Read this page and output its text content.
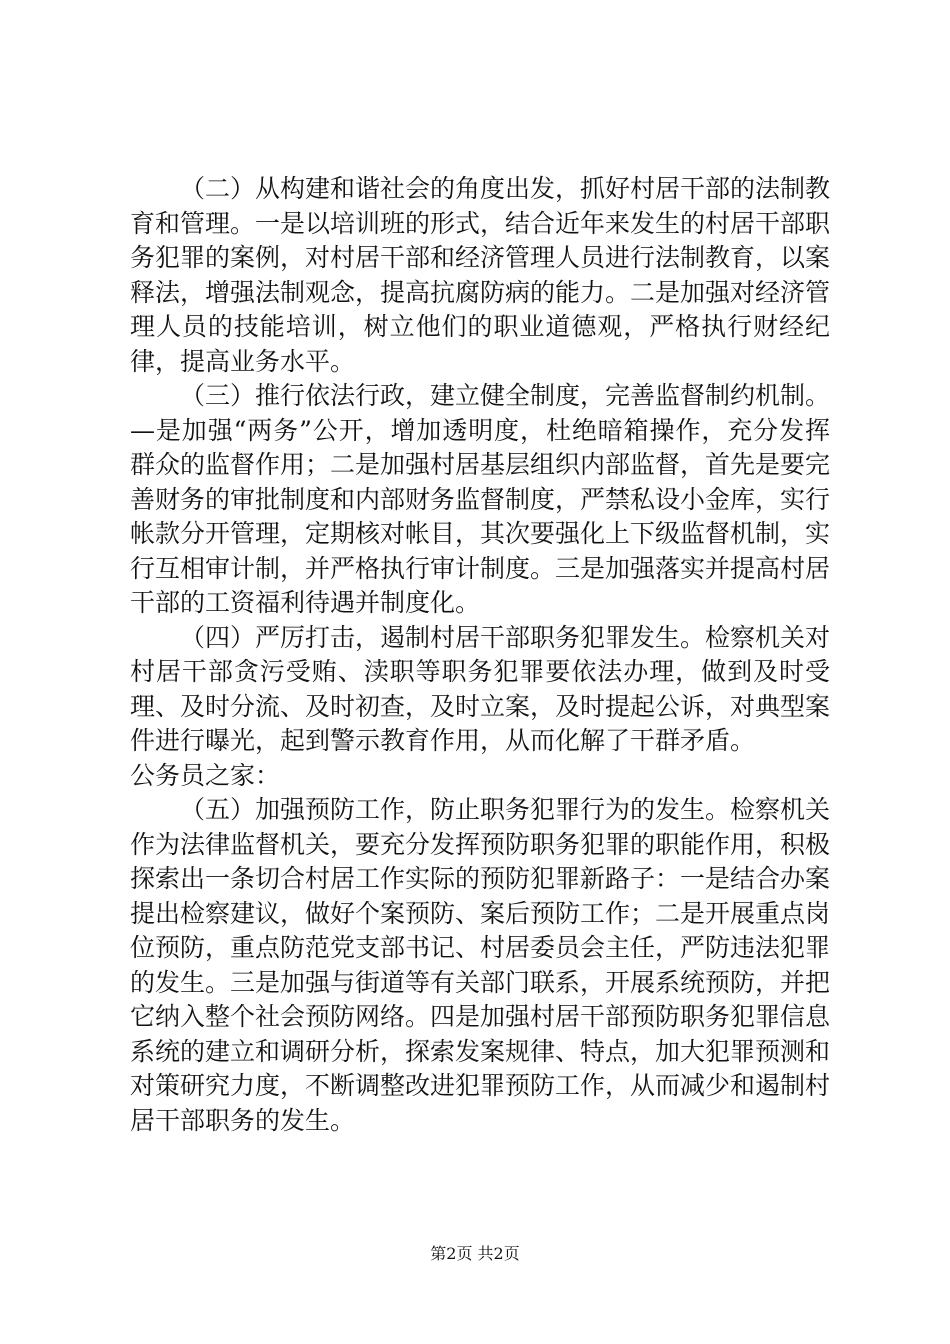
（二）从构建和谐社会的角度出发，抓好村居干部的法制教育和管理。一是以培训班的形式，结合近年来发生的村居干部职务犯罪的案例，对村居干部和经济管理人员进行法制教育，以案释法，增强法制观念，提高抗腐防病的能力。二是加强对经济管理人员的技能培训，树立他们的职业道德观，严格执行财经纪律，提高业务水平。

（三）推行依法行政，建立健全制度，完善监督制约机制。—是加强“两务”公开，增加透明度，杜绝暗箱操作，充分发挥群众的监督作用；二是加强村居基层组织内部监督，首先是要完善财务的审批制度和内部财务监督制度，严禁私设小金库，实行帐款分开管理，定期核对帐目，其次要强化上下级监督机制，实行互相审计制，并严格执行审计制度。三是加强落实并提高村居干部的工资福利待遇并制度化。

（四）严厉打击，遏制村居干部职务犯罪发生。检察机关对村居干部贪污受贿、渎职等职务犯罪要依法办理，做到及时受理、及时分流、及时初查，及时立案，及时提起公诉，对典型案件进行曝光，起到警示教育作用，从而化解了干群矛盾。

公务员之家：

（五）加强预防工作，防止职务犯罪行为的发生。检察机关作为法律监督机关，要充分发挥预防职务犯罪的职能作用，积极探索出一条切合村居工作实际的预防犯罪新路子：一是结合办案提出检察建议，做好个案预防、案后预防工作；二是开展重点岗位预防，重点防范党支部书记、村居委员会主任，严防违法犯罪的发生。三是加强与街道等有关部门联系，开展系统预防，并把它纳入整个社会预防网络。四是加强村居干部预防职务犯罪信息系统的建立和调研分析，探索发案规律、特点，加大犯罪预测和对策研究力度，不断调整改进犯罪预防工作，从而减少和遏制村居干部职务的发生。

第2页 共2页
